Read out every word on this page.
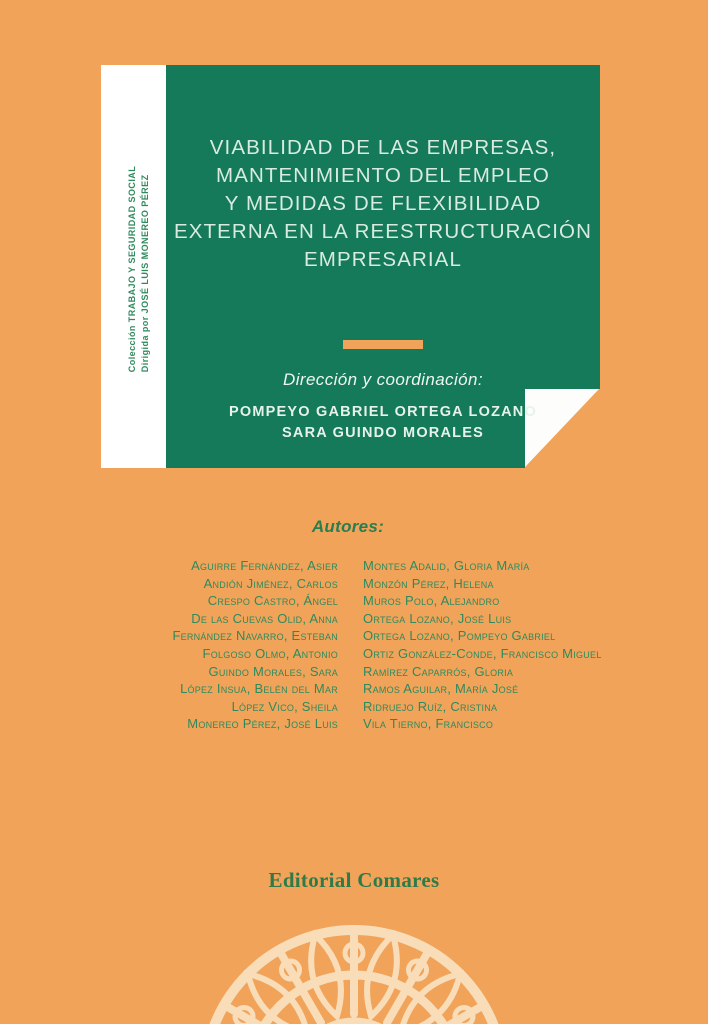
Colección TRABAJO Y SEGURIDAD SOCIAL Dirigida por JOSÉ LUIS MONEREO PÉREZ
VIABILIDAD DE LAS EMPRESAS,
MANTENIMIENTO DEL EMPLEO
Y MEDIDAS DE FLEXIBILIDAD
EXTERNA EN LA REESTRUCTURACIÓN
EMPRESARIAL
Dirección y coordinación:
POMPEYO GABRIEL ORTEGA LOZANO
SARA GUINDO MORALES
Autores:
Aguirre Fernández, Asier
Andión Jiménez, Carlos
Crespo Castro, Ángel
De las Cuevas Olid, Anna
Fernández Navarro, Esteban
Folgoso Olmo, Antonio
Guindo Morales, Sara
López Insua, Belén del Mar
López Vico, Sheila
Monereo Pérez, José Luis
Montes Adalid, Gloria María
Monzón Pérez, Helena
Muros Polo, Alejandro
Ortega Lozano, José Luis
Ortega Lozano, Pompeyo Gabriel
Ortiz González-Conde, Francisco Miguel
Ramírez Caparrós, Gloria
Ramos Aguilar, María José
Ridruejo Ruíz, Cristina
Vila Tierno, Francisco
Editorial Comares
